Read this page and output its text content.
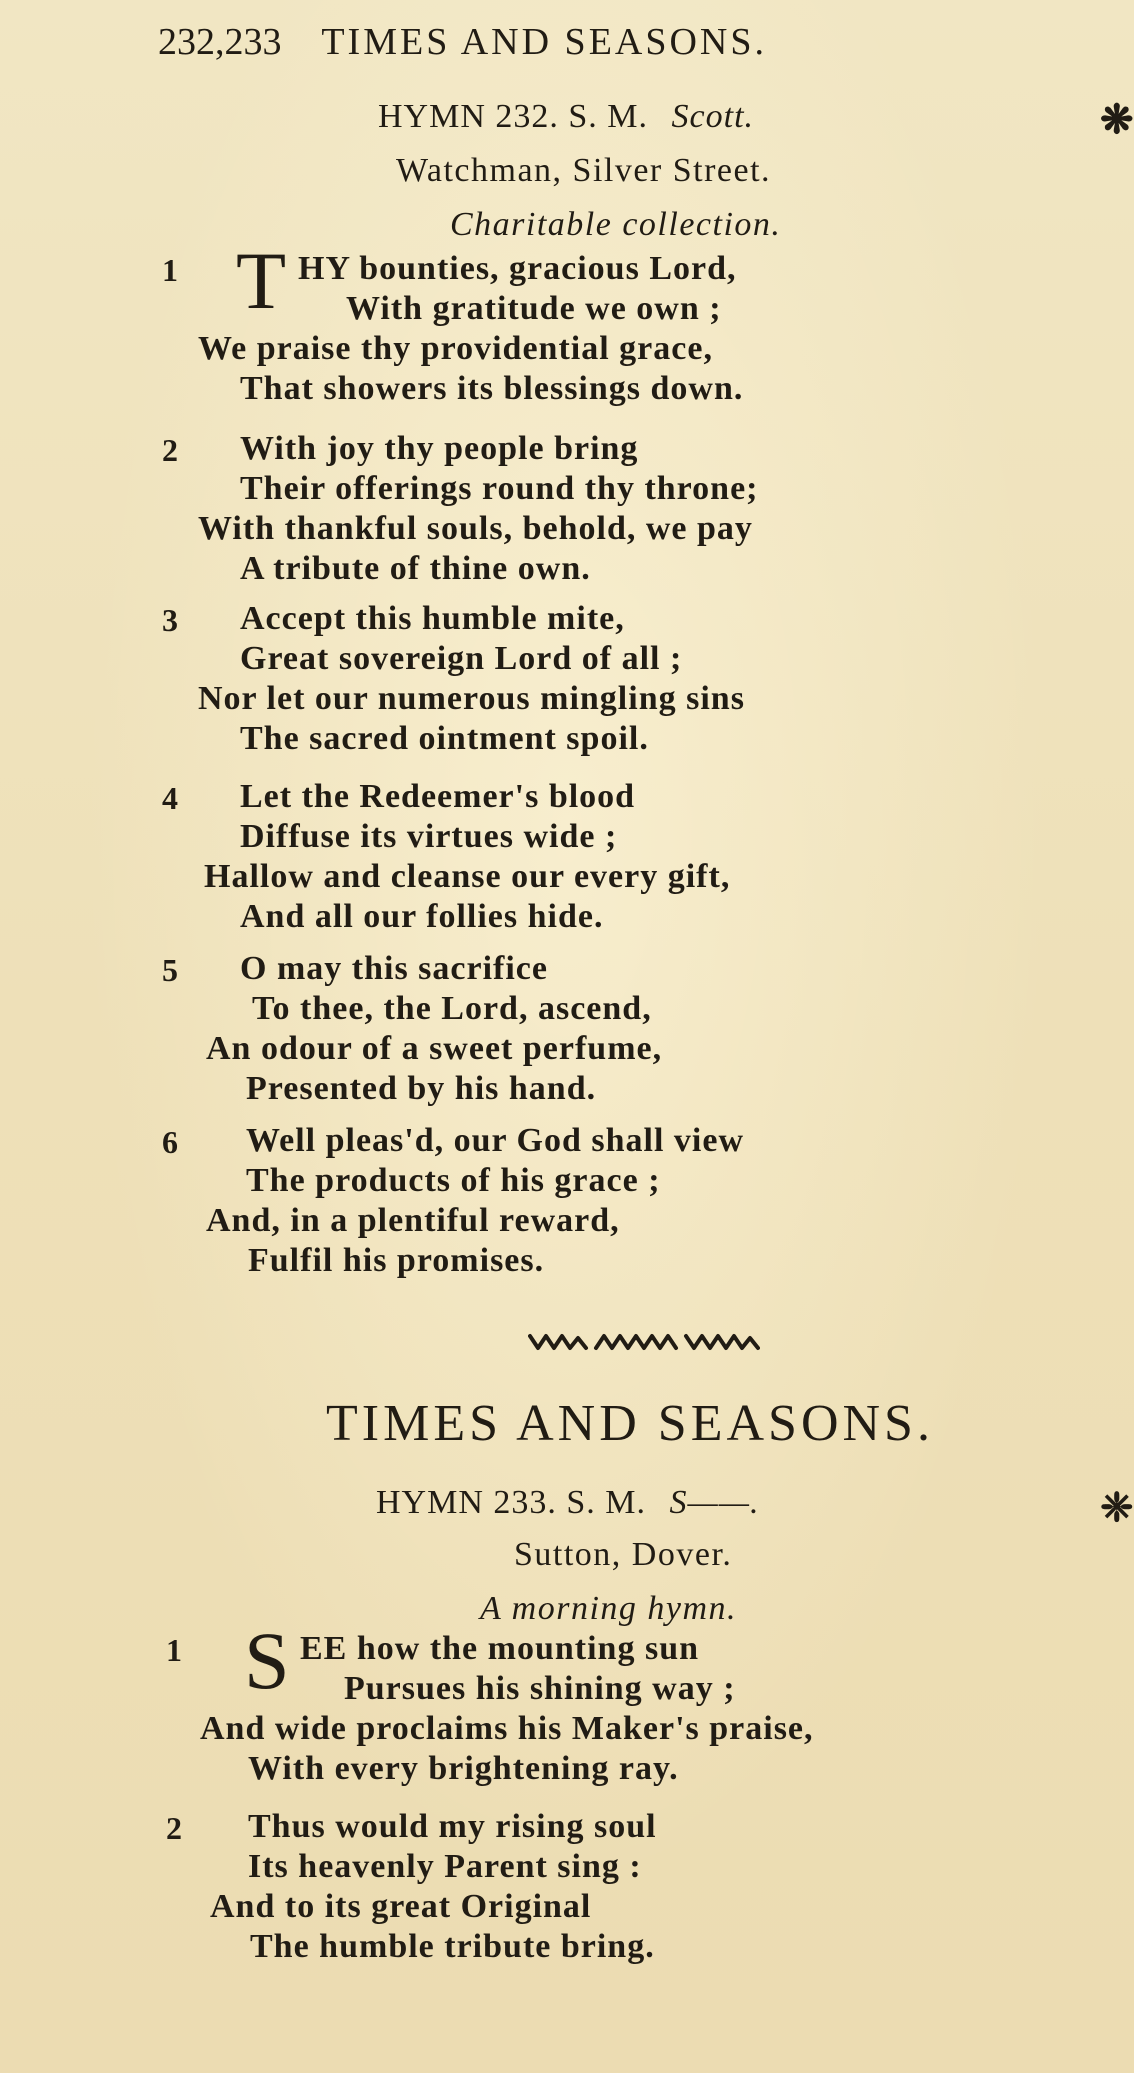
232,233 TIMES AND SEASONS.
HYMN 232. S. M. Scott.	❋
Watchman, Silver Street.
Charitable collection.
1 T HY bounties, gracious Lord,
With gratitude we own ;
We praise thy providential grace,
That showers its blessings down.
2 With joy thy people bring
Their offerings round thy throne;
With thankful souls, behold, we pay
A tribute of thine own.
3 Accept this humble mite,
Great sovereign Lord of all ;
Nor let our numerous mingling sins
The sacred ointment spoil.
4 Let the Redeemer's blood
Diffuse its virtues wide ;
Hallow and cleanse our every gift,
And all our follies hide.
5 O may this sacrifice
To thee, the Lord, ascend,
An odour of a sweet perfume,
Presented by his hand.
6 Well pleas'd, our God shall view
The products of his grace ;
And, in a plentiful reward,
Fulfil his promises.
TIMES AND SEASONS.
HYMN 233. S. M. S——.	❈
Sutton, Dover.
A morning hymn.
1 S EE how the mounting sun
Pursues his shining way ;
And wide proclaims his Maker's praise,
With every brightening ray.
2 Thus would my rising soul
Its heavenly Parent sing :
And to its great Original
The humble tribute bring.
